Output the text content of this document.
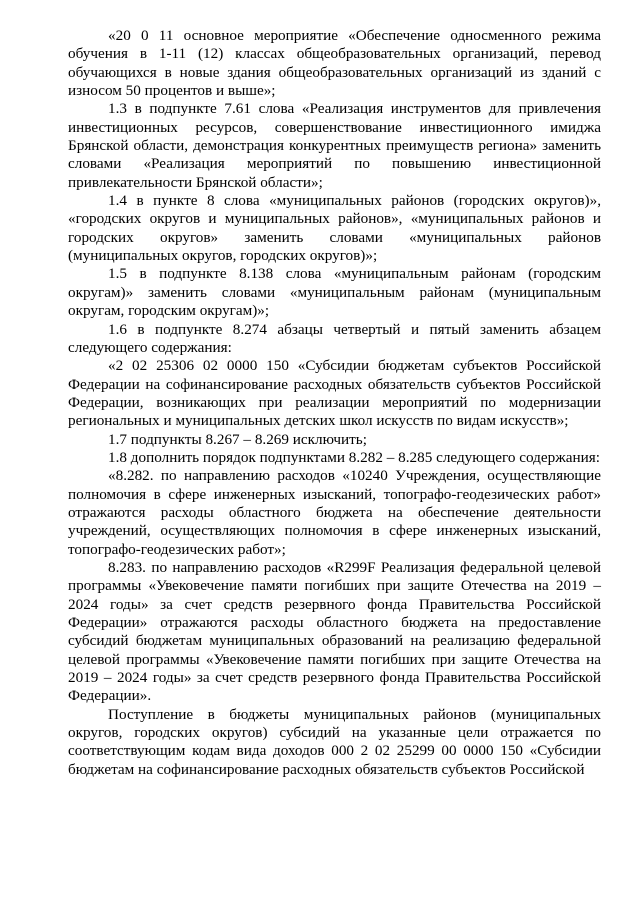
«20 0 11 основное мероприятие «Обеспечение односменного режима обучения в 1-11 (12) классах общеобразовательных организаций, перевод обучающихся в новые здания общеобразовательных организаций из зданий с износом 50 процентов и выше»;

1.3 в подпункте 7.61 слова «Реализация инструментов для привлечения инвестиционных ресурсов, совершенствование инвестиционного имиджа Брянской области, демонстрация конкурентных преимуществ региона» заменить словами «Реализация мероприятий по повышению инвестиционной привлекательности Брянской области»;

1.4 в пункте 8 слова «муниципальных районов (городских округов)», «городских округов и муниципальных районов», «муниципальных районов и городских округов» заменить словами «муниципальных районов (муниципальных округов, городских округов)»;

1.5 в подпункте 8.138 слова «муниципальным районам (городским округам)» заменить словами «муниципальным районам (муниципальным округам, городским округам)»;

1.6 в подпункте 8.274 абзацы четвертый и пятый заменить абзацем следующего содержания:

«2 02 25306 02 0000 150 «Субсидии бюджетам субъектов Российской Федерации на софинансирование расходных обязательств субъектов Российской Федерации, возникающих при реализации мероприятий по модернизации региональных и муниципальных детских школ искусств по видам искусств»;

1.7 подпункты 8.267 – 8.269 исключить;

1.8 дополнить порядок подпунктами 8.282 – 8.285 следующего содержания:

«8.282. по направлению расходов «10240 Учреждения, осуществляющие полномочия в сфере инженерных изысканий, топографо-геодезических работ» отражаются расходы областного бюджета на обеспечение деятельности учреждений, осуществляющих полномочия в сфере инженерных изысканий, топографо-геодезических работ»;

8.283. по направлению расходов «R299F Реализация федеральной целевой программы «Увековечение памяти погибших при защите Отечества на 2019 – 2024 годы» за счет средств резервного фонда Правительства Российской Федерации» отражаются расходы областного бюджета на предоставление субсидий бюджетам муниципальных образований на реализацию федеральной целевой программы «Увековечение памяти погибших при защите Отечества на 2019 – 2024 годы» за счет средств резервного фонда Правительства Российской Федерации».

Поступление в бюджеты муниципальных районов (муниципальных округов, городских округов) субсидий на указанные цели отражается по соответствующим кодам вида доходов 000 2 02 25299 00 0000 150 «Субсидии бюджетам на софинансирование расходных обязательств субъектов Российской
